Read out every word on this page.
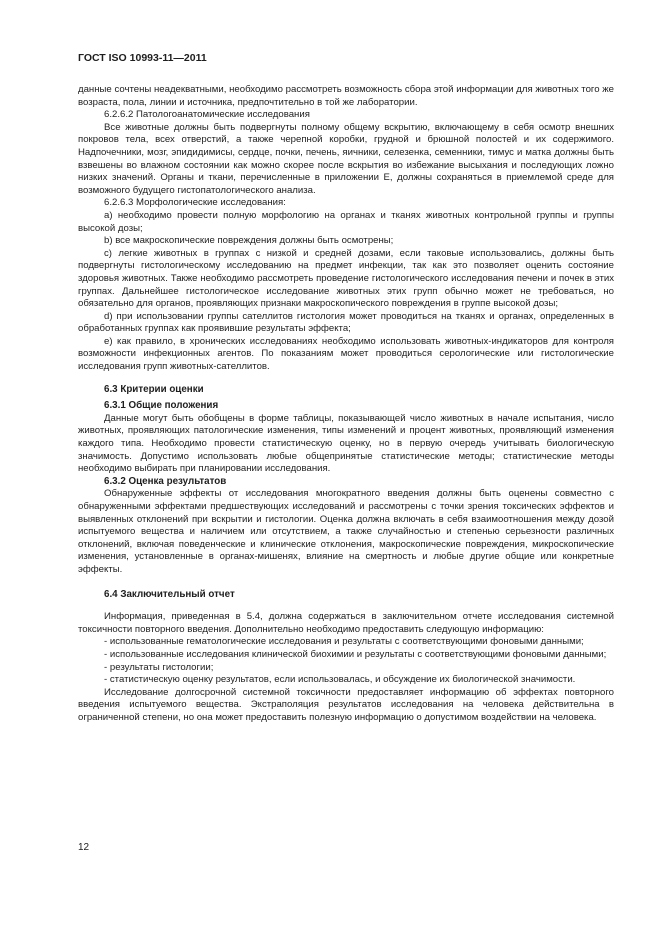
ГОСТ ISO 10993-11—2011

данные сочтены неадекватными, необходимо рассмотреть возможность сбора этой информации для животных того же возраста, пола, линии и источника, предпочтительно в той же лаборатории.

6.2.6.2 Патологоанатомические исследования

Все животные должны быть подвергнуты полному общему вскрытию, включающему в себя осмотр внешних покровов тела, всех отверстий, а также черепной коробки, грудной и брюшной полостей и их содержимого. Надпочечники, мозг, эпидидимисы, сердце, почки, печень, яичники, селезенка, семенники, тимус и матка должны быть взвешены во влажном состоянии как можно скорее после вскрытия во избежание высыхания и последующих ложно низких значений. Органы и ткани, перечисленные в приложении Е, должны сохраняться в приемлемой среде для возможного будущего гистопатологического анализа.

6.2.6.3 Морфологические исследования:

а) необходимо провести полную морфологию на органах и тканях животных контрольной группы и группы высокой дозы;

b) все макроскопические повреждения должны быть осмотрены;

c) легкие животных в группах с низкой и средней дозами, если таковые использовались, должны быть подвергнуты гистологическому исследованию на предмет инфекции, так как это позволяет оценить состояние здоровья животных. Также необходимо рассмотреть проведение гистологического исследования печени и почек в этих группах. Дальнейшее гистологическое исследование животных этих групп обычно может не требоваться, но обязательно для органов, проявляющих признаки макроскопического повреждения в группе высокой дозы;

d) при использовании группы сателлитов гистология может проводиться на тканях и органах, определенных в обработанных группах как проявившие результаты эффекта;

е) как правило, в хронических исследованиях необходимо использовать животных-индикаторов для контроля возможности инфекционных агентов. По показаниям может проводиться серологические или гистологические исследования групп животных-сателлитов.

6.3 Критерии оценки
6.3.1 Общие положения

Данные могут быть обобщены в форме таблицы, показывающей число животных в начале испытания, число животных, проявляющих патологические изменения, типы изменений и процент животных, проявляющий изменения каждого типа. Необходимо провести статистическую оценку, но в первую очередь учитывать биологическую значимость. Допустимо использовать любые общепринятые статистические методы; статистические методы необходимо выбирать при планировании исследования.

6.3.2 Оценка результатов

Обнаруженные эффекты от исследования многократного введения должны быть оценены совместно с обнаруженными эффектами предшествующих исследований и рассмотрены с точки зрения токсических эффектов и выявленных отклонений при вскрытии и гистологии. Оценка должна включать в себя взаимоотношения между дозой испытуемого вещества и наличием или отсутствием, а также случайностью и степенью серьезности различных отклонений, включая поведенческие и клинические отклонения, макроскопические повреждения, микроскопические изменения, установленные в органах-мишенях, влияние на смертность и любые другие общие или конкретные эффекты.

6.4 Заключительный отчет

Информация, приведенная в 5.4, должна содержаться в заключительном отчете исследования системной токсичности повторного введения. Дополнительно необходимо предоставить следующую информацию:

- использованные гематологические исследования и результаты с соответствующими фоновыми данными;

- использованные исследования клинической биохимии и результаты с соответствующими фоновыми данными;

- результаты гистологии;

- статистическую оценку результатов, если использовалась, и обсуждение их биологической значимости.

Исследование долгосрочной системной токсичности предоставляет информацию об эффектах повторного введения испытуемого вещества. Экстраполяция результатов исследования на человека действительна в ограниченной степени, но она может предоставить полезную информацию о допустимом воздействии на человека.

12
